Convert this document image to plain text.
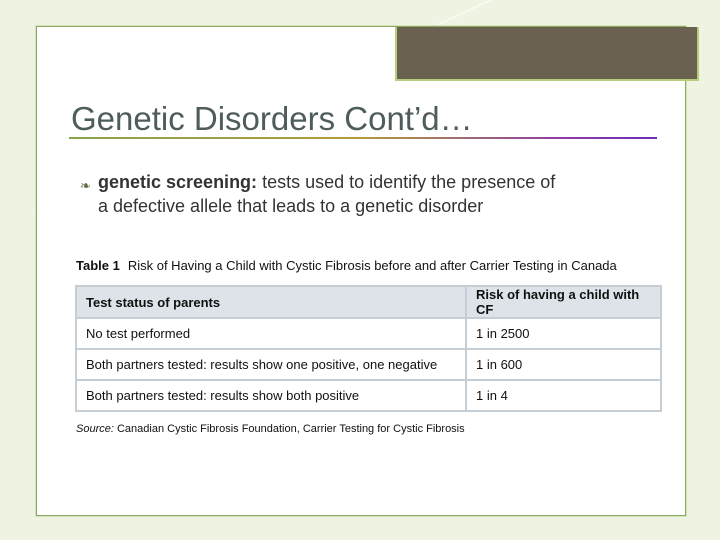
Genetic Disorders Cont’d…
❧ genetic screening: tests used to identify the presence of
a defective allele that leads to a genetic disorder
Table 1 Risk of Having a Child with Cystic Fibrosis before and after Carrier Testing in Canada
Test status of parents	Risk of having a child with CF
No test performed	1 in 2500
Both partners tested: results show one positive, one negative	1 in 600
Both partners tested: results show both positive	1 in 4
Source: Canadian Cystic Fibrosis Foundation, Carrier Testing for Cystic Fibrosis
